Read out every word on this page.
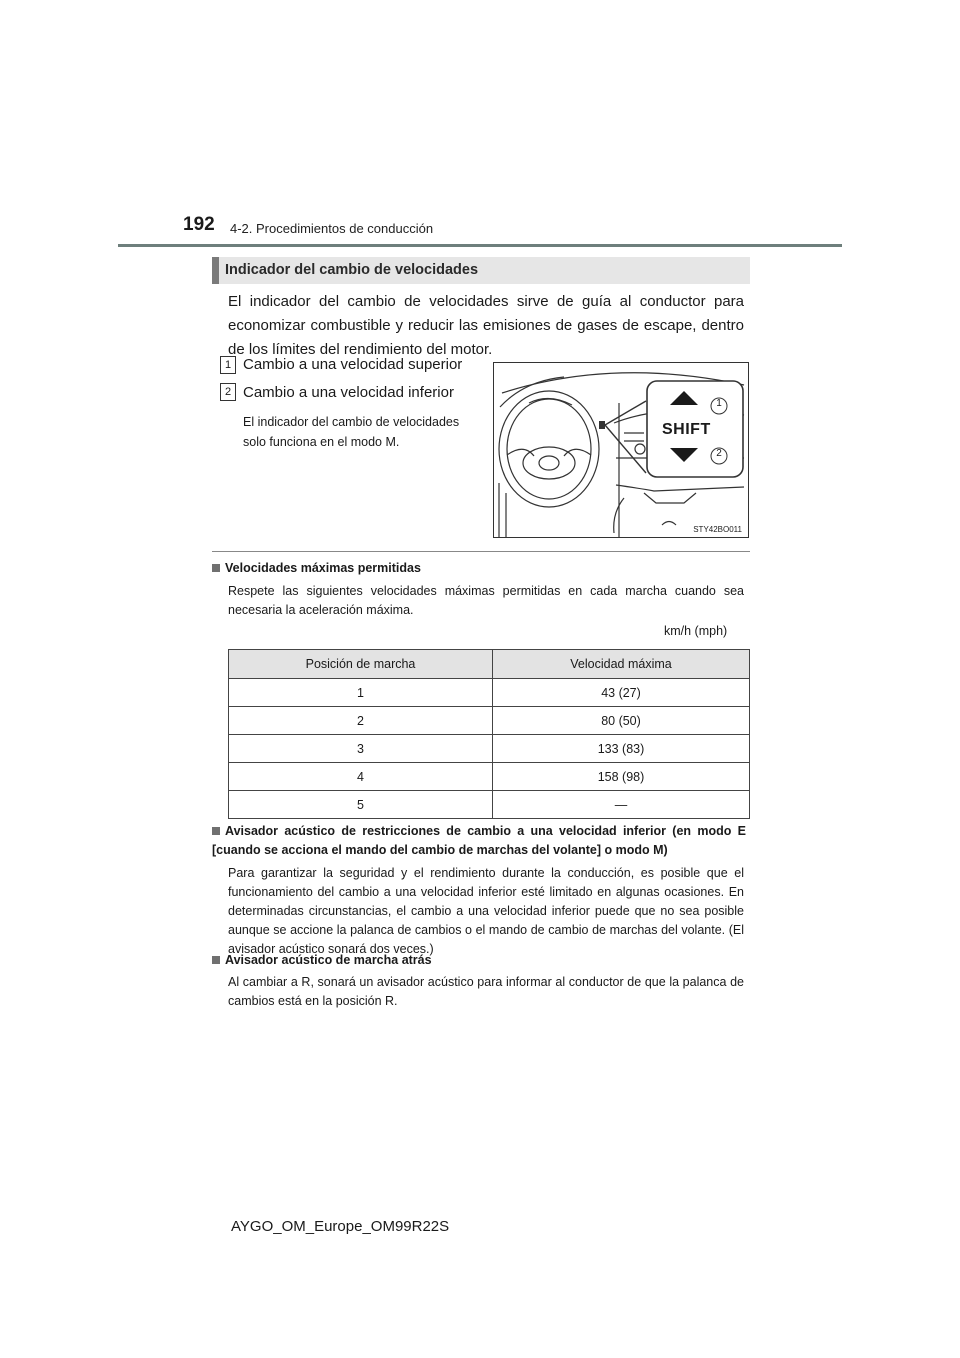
192 4-2. Procedimientos de conducción
Indicador del cambio de velocidades
El indicador del cambio de velocidades sirve de guía al conductor para economizar combustible y reducir las emisiones de gases de escape, dentro de los límites del rendimiento del motor.
1 Cambio a una velocidad superior
2 Cambio a una velocidad inferior
El indicador del cambio de velocidades solo funciona en el modo M.
SHIFT
1
2
STY42BO011
Velocidades máximas permitidas
Respete las siguientes velocidades máximas permitidas en cada marcha cuando sea necesaria la aceleración máxima.
km/h (mph)
Posición de marcha	Velocidad máxima
1	43 (27)
2	80 (50)
3	133 (83)
4	158 (98)
5	—
Avisador acústico de restricciones de cambio a una velocidad inferior (en modo E [cuando se acciona el mando del cambio de marchas del volante] o modo M)
Para garantizar la seguridad y el rendimiento durante la conducción, es posible que el funcionamiento del cambio a una velocidad inferior esté limitado en algunas ocasiones. En determinadas circunstancias, el cambio a una velocidad inferior puede que no sea posible aunque se accione la palanca de cambios o el mando de cambio de marchas del volante. (El avisador acústico sonará dos veces.)
Avisador acústico de marcha atrás
Al cambiar a R, sonará un avisador acústico para informar al conductor de que la palanca de cambios está en la posición R.
AYGO_OM_Europe_OM99R22S
